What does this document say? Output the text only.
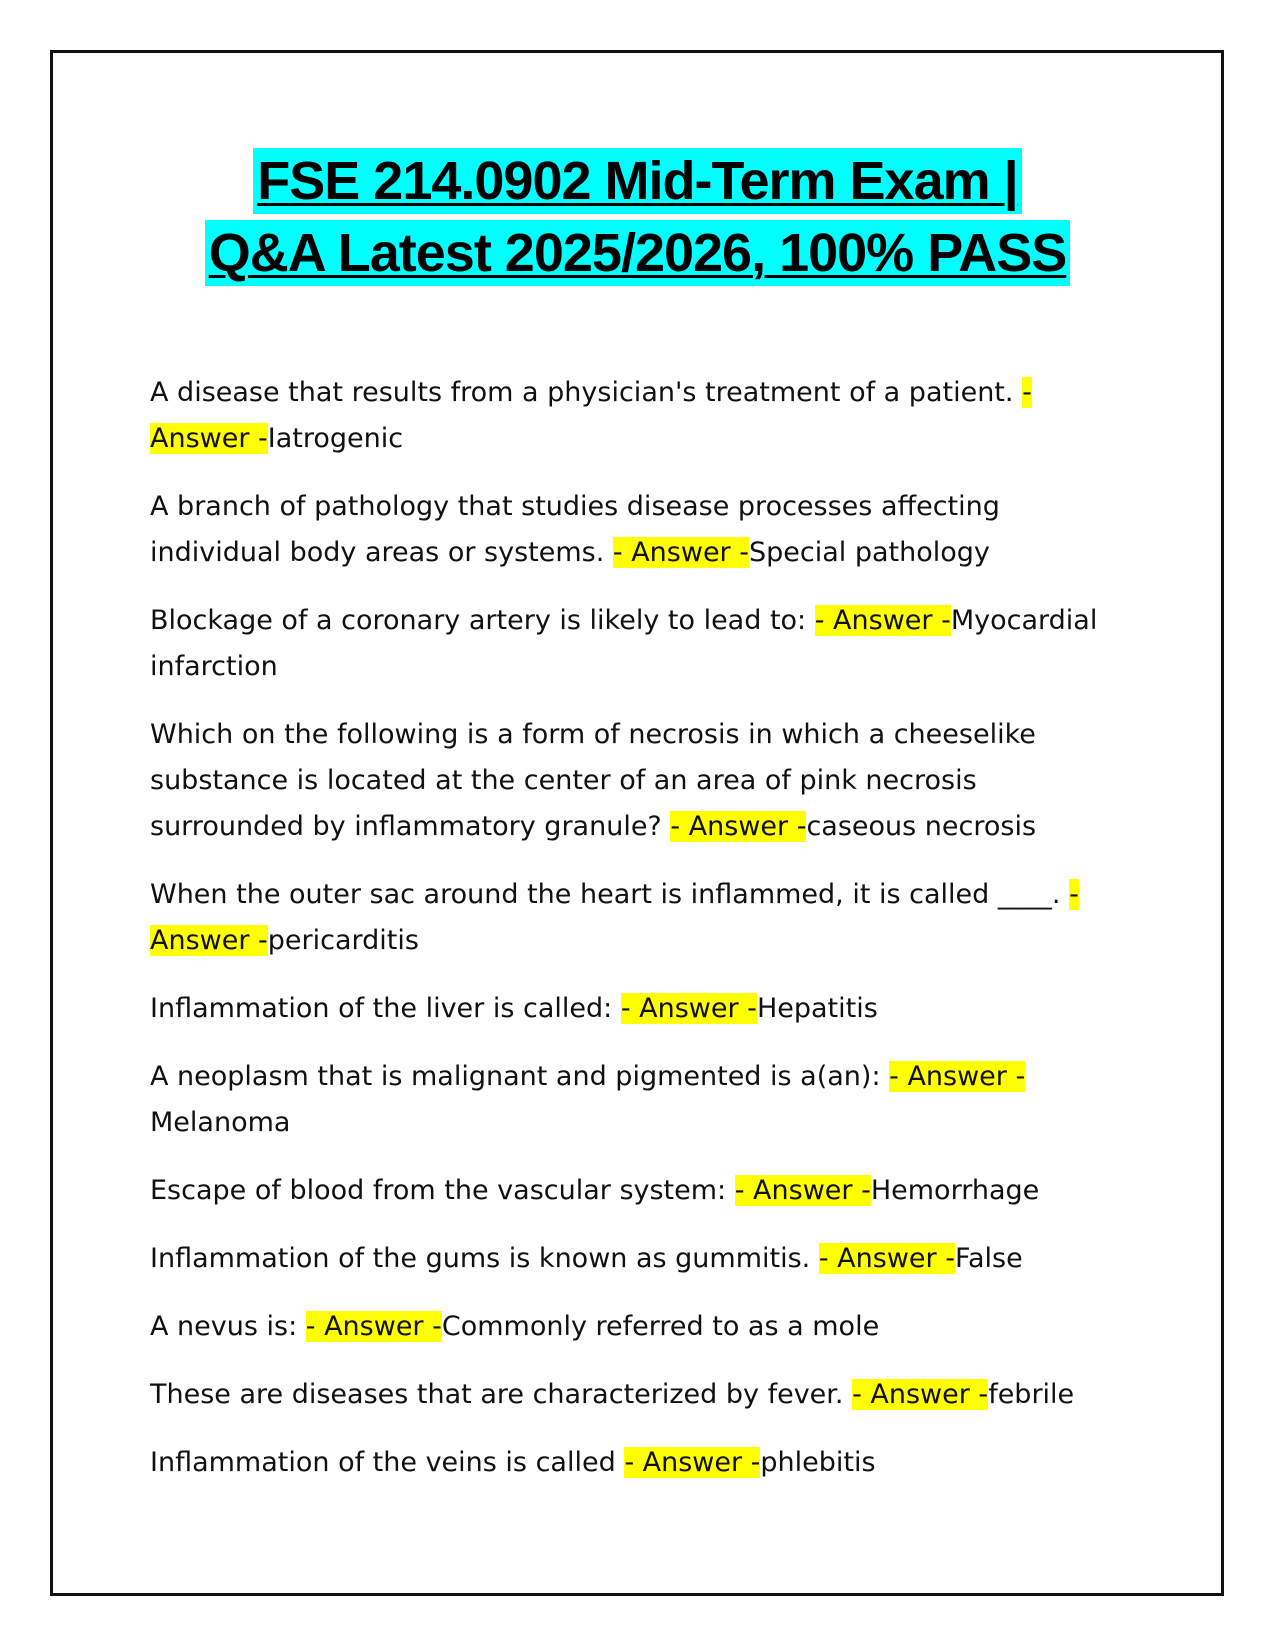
FSE 214.0902 Mid-Term Exam |
Q&A Latest 2025/2026, 100% PASS

A disease that results from a physician's treatment of a patient. - Answer -Iatrogenic

A branch of pathology that studies disease processes affecting individual body areas or systems. - Answer -Special pathology

Blockage of a coronary artery is likely to lead to: - Answer -Myocardial infarction

Which on the following is a form of necrosis in which a cheeselike substance is located at the center of an area of pink necrosis surrounded by inflammatory granule? - Answer -caseous necrosis

When the outer sac around the heart is inflammed, it is called ____. - Answer -pericarditis

Inflammation of the liver is called: - Answer -Hepatitis

A neoplasm that is malignant and pigmented is a(an): - Answer -Melanoma

Escape of blood from the vascular system: - Answer -Hemorrhage

Inflammation of the gums is known as gummitis. - Answer -False

A nevus is: - Answer -Commonly referred to as a mole

These are diseases that are characterized by fever. - Answer -febrile

Inflammation of the veins is called - Answer -phlebitis
